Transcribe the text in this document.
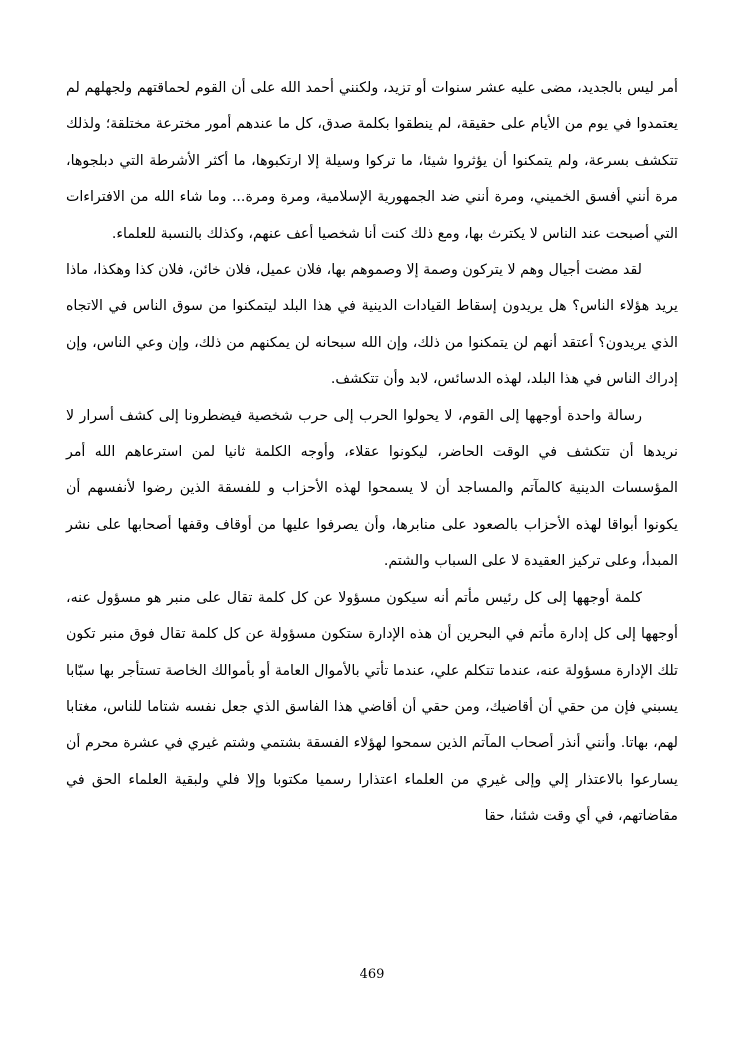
أمر ليس بالجديد، مضى عليه عشر سنوات أو تزيد، ولكنني أحمد الله على أن القوم لحماقتهم ولجهلهم لم يعتمدوا في يوم من الأيام على حقيقة، لم ينطقوا بكلمة صدق، كل ما عندهم أمور مخترعة مختلقة؛ ولذلك تتكشف بسرعة، ولم يتمكنوا أن يؤثروا شيئا، ما تركوا وسيلة إلا ارتكبوها، ما أكثر الأشرطة التي دبلجوها، مرة أنني أفسق الخميني، ومرة أنني ضد الجمهورية الإسلامية، ومرة ومرة... وما شاء الله من الافتراءات التي أصبحت عند الناس لا يكترث بها، ومع ذلك كنت أنا شخصيا أعف عنهم، وكذلك بالنسبة للعلماء.

لقد مضت أجيال وهم لا يتركون وصمة إلا وصموهم بها، فلان عميل، فلان خائن، فلان كذا وهكذا، ماذا يريد هؤلاء الناس؟ هل يريدون إسقاط القيادات الدينية في هذا البلد ليتمكنوا من سوق الناس في الاتجاه الذي يريدون؟ أعتقد أنهم لن يتمكنوا من ذلك، وإن الله سبحانه لن يمكنهم من ذلك، وإن وعي الناس، وإن إدراك الناس في هذا البلد، لهذه الدسائس، لابد وأن تتكشف.

رسالة واحدة أوجهها إلى القوم، لا يحولوا الحرب إلى حرب شخصية فيضطرونا إلى كشف أسرار لا نريدها أن تتكشف في الوقت الحاضر، ليكونوا عقلاء، وأوجه الكلمة ثانيا لمن استرعاهم الله أمر المؤسسات الدينية كالمآتم والمساجد أن لا يسمحوا لهذه الأحزاب و للفسقة الذين رضوا لأنفسهم أن يكونوا أبواقا لهذه الأحزاب بالصعود على منابرها، وأن يصرفوا عليها من أوقاف وقفها أصحابها على نشر المبدأ، وعلى تركيز العقيدة لا على السباب والشتم.

كلمة أوجهها إلى كل رئيس مأتم أنه سيكون مسؤولا عن كل كلمة تقال على منبر هو مسؤول عنه، أوجهها إلى كل إدارة مأتم في البحرين أن هذه الإدارة ستكون مسؤولة عن كل كلمة تقال فوق منبر تكون تلك الإدارة مسؤولة عنه، عندما تتكلم علي، عندما تأتي بالأموال العامة أو بأموالك الخاصة تستأجر بها سبّابا يسبني فإن من حقي أن أقاضيك، ومن حقي أن أقاضي هذا الفاسق الذي جعل نفسه شتاما للناس، مغتابا لهم، بهاتا. وأنني أنذر أصحاب المآتم الذين سمحوا لهؤلاء الفسقة بشتمي وشتم غيري في عشرة محرم أن يسارعوا بالاعتذار إلي وإلى غيري من العلماء اعتذارا رسميا مكتوبا وإلا فلي ولبقية العلماء الحق في مقاضاتهم، في أي وقت شئنا، حقا

469
